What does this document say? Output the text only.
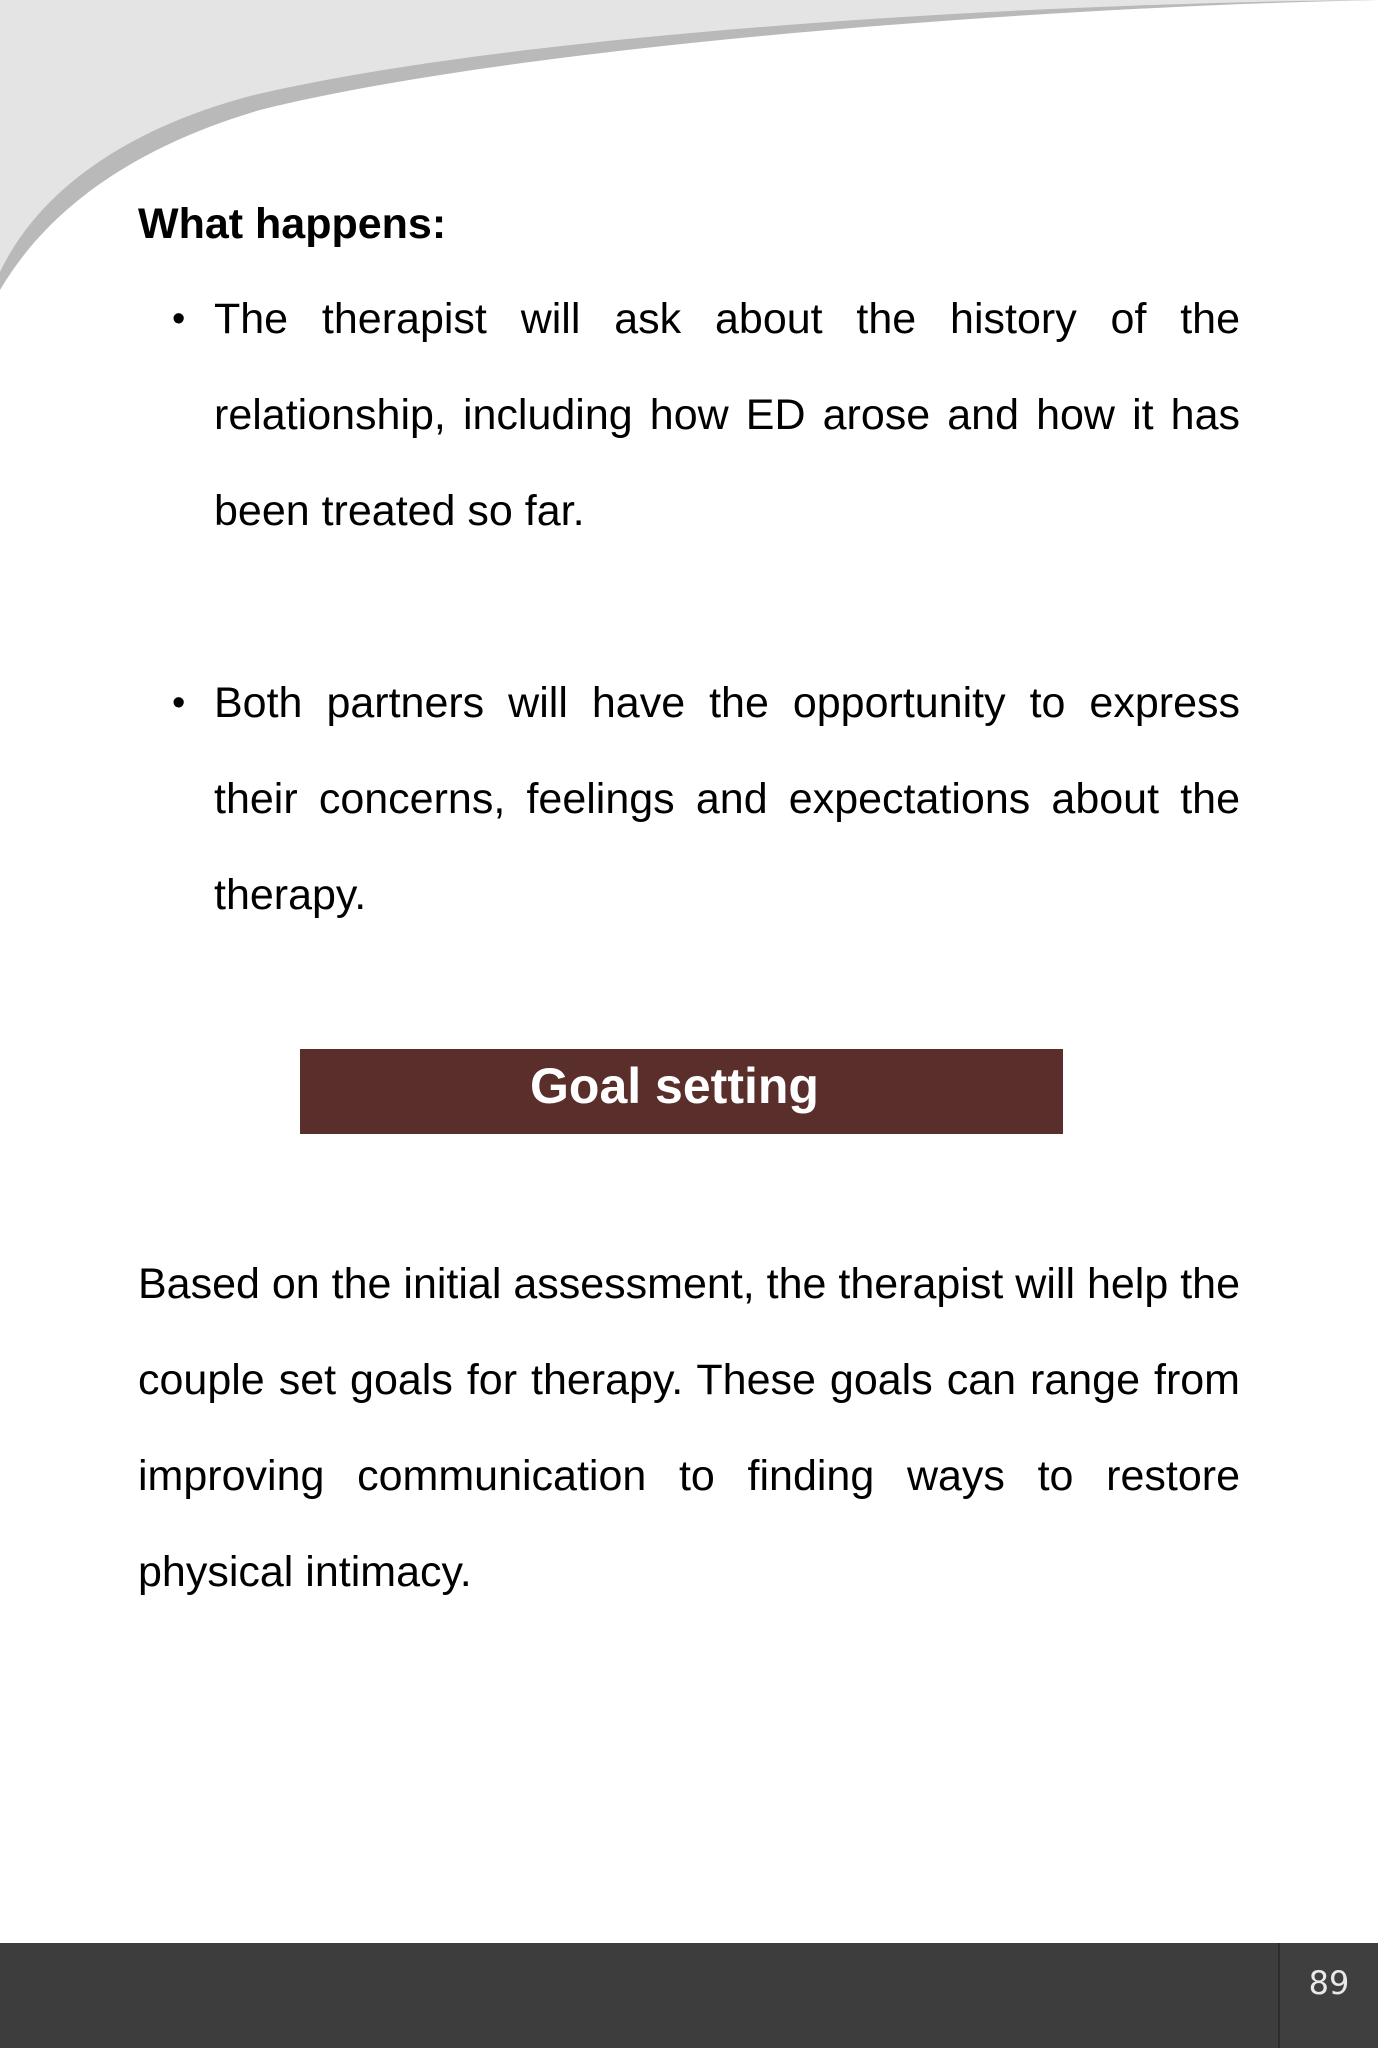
What happens:
• The therapist will ask about the history of the relationship, including how ED arose and how it has been treated so far.

• Both partners will have the opportunity to express their concerns, feelings and expectations about the therapy.

Goal setting

Based on the initial assessment, the therapist will help the couple set goals for therapy. These goals can range from improving communication to finding ways to restore physical intimacy.

89
